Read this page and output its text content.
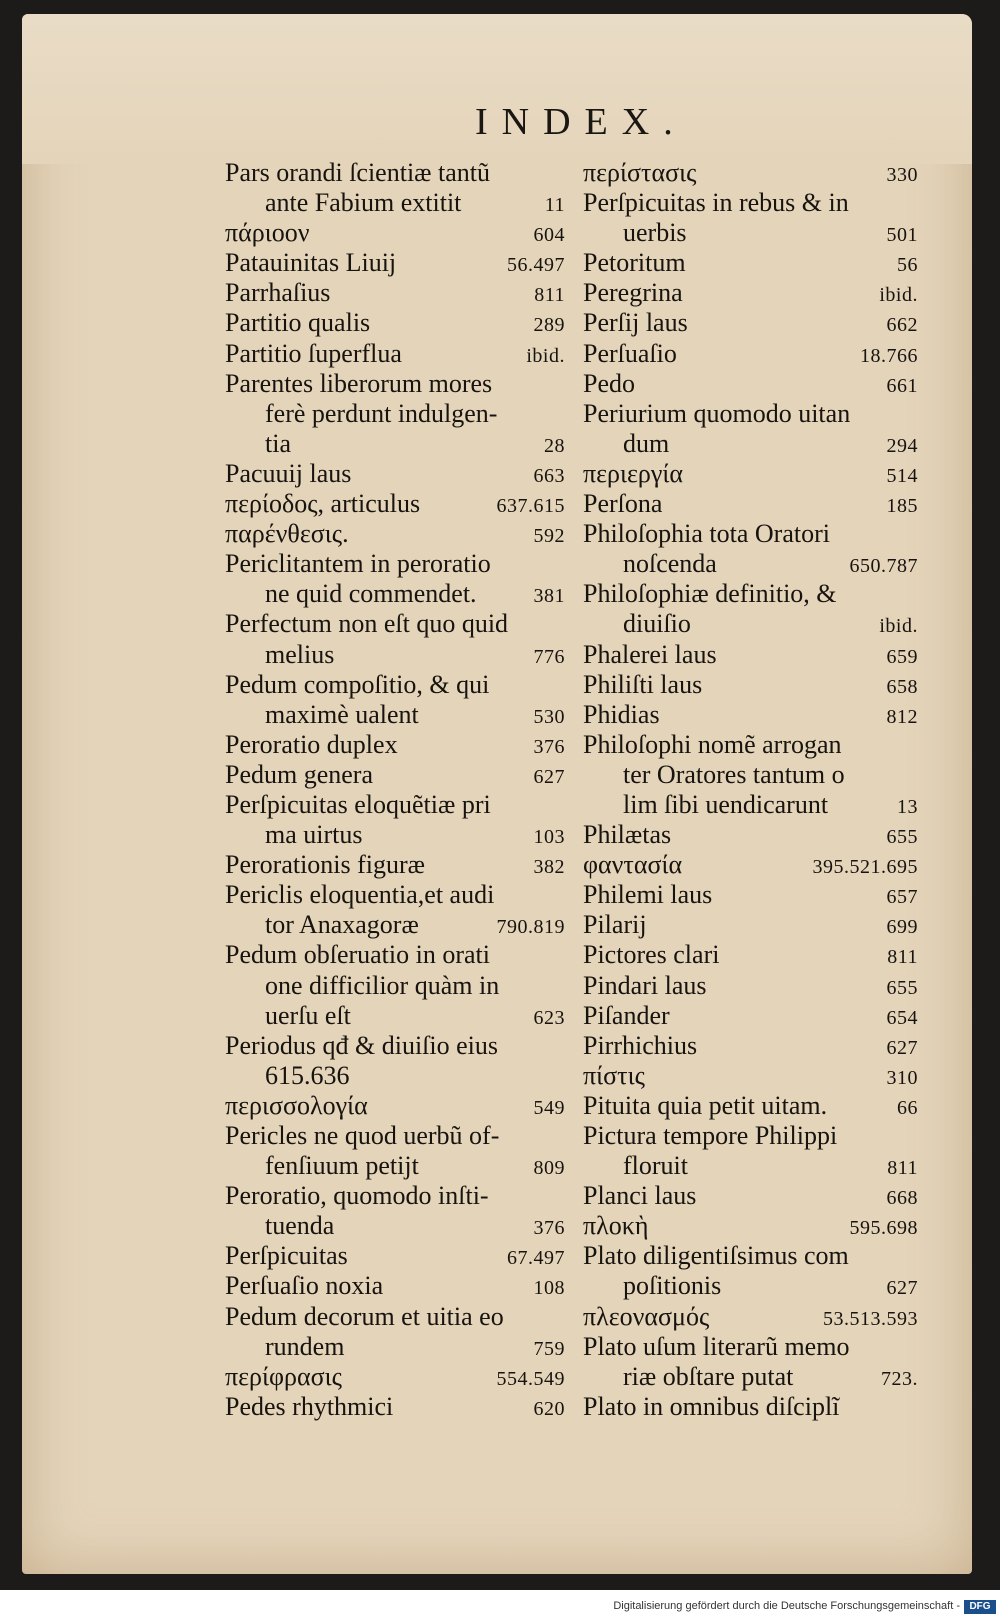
INDEX.
Pars orandi ſcientiæ tantũ
ante Fabium extitit	11
πάριοον	604
Patauinitas Liuij	56.497
Parrhaſius	811
Partitio qualis	289
Partitio ſuperflua	ibid.
Parentes liberorum mores
ferè perdunt indulgen-
tia	28
Pacuuij laus	663
περίοδος, articulus	637.615
παρένθεσις.	592
Periclitantem in peroratio
ne quid commendet.	381
Perfectum non eſt quo quid
melius	776
Pedum compoſitio, & qui
maximè ualent	530
Peroratio duplex	376
Pedum genera	627
Perſpicuitas eloquẽtiæ pri
ma uirtus	103
Perorationis figuræ	382
Periclis eloquentia,et audi
tor Anaxagoræ	790.819
Pedum obſeruatio in orati
one difficilior quàm in
uerſu eſt	623
Periodus qđ & diuiſio eius
615.636
περισσολογία	549
Pericles ne quod uerbũ of-
fenſiuum petijt	809
Peroratio, quomodo inſti-
tuenda	376
Perſpicuitas	67.497
Perſuaſio noxia	108
Pedum decorum et uitia eo
rundem	759
περίφρασις	554.549
Pedes rhythmici	620
περίστασις	330
Perſpicuitas in rebus & in
uerbis	501
Petoritum	56
Peregrina	ibid.
Perſij laus	662
Perſuaſio	18.766
Pedo	661
Periurium quomodo uitan
dum	294
περιεργία	514
Perſona	185
Philoſophia tota Oratori
noſcenda	650.787
Philoſophiæ definitio, &
diuiſio	ibid.
Phalerei laus	659
Philiſti laus	658
Phidias	812
Philoſophi nomẽ arrogan
ter Oratores tantum o
lim ſibi uendicarunt	13
Philætas	655
φαντασία	395.521.695
Philemi laus	657
Pilarij	699
Pictores clari	811
Pindari laus	655
Piſander	654
Pirrhichius	627
πίστις	310
Pituita quia petit uitam.	66
Pictura tempore Philippi
floruit	811
Planci laus	668
πλοκὴ	595.698
Plato diligentiſsimus com
poſitionis	627
πλεονασμός	53.513.593
Plato uſum literarũ memo
riæ obſtare putat	723.
Plato in omnibus diſciplĩ
Digitalisierung gefördert durch die Deutsche Forschungsgemeinschaft - DFG
